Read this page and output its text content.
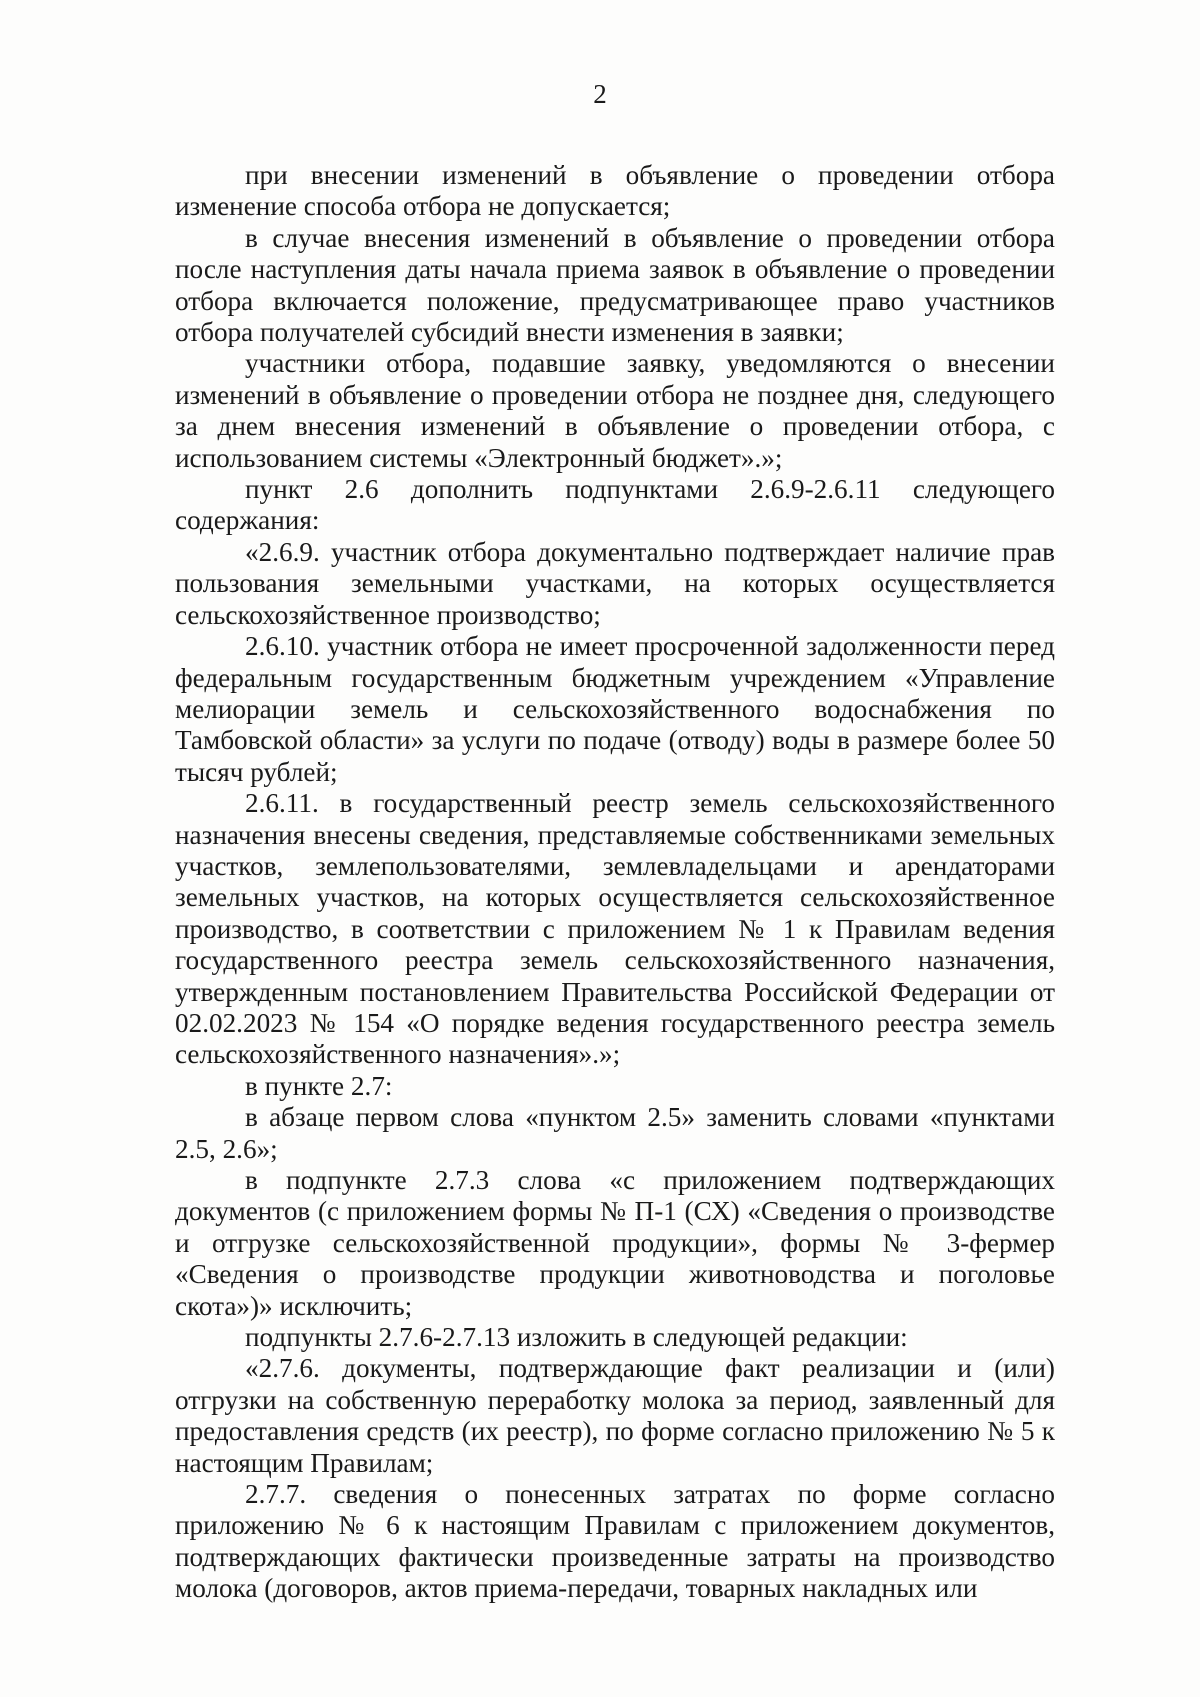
2

при внесении изменений в объявление о проведении отбора изменение способа отбора не допускается;

в случае внесения изменений в объявление о проведении отбора после наступления даты начала приема заявок в объявление о проведении отбора включается положение, предусматривающее право участников отбора получателей субсидий внести изменения в заявки;

участники отбора, подавшие заявку, уведомляются о внесении изменений в объявление о проведении отбора не позднее дня, следующего за днем внесения изменений в объявление о проведении отбора, с использованием системы «Электронный бюджет».»;

пункт 2.6 дополнить подпунктами 2.6.9-2.6.11 следующего содержания:

«2.6.9. участник отбора документально подтверждает наличие прав пользования земельными участками, на которых осуществляется сельскохозяйственное производство;

2.6.10. участник отбора не имеет просроченной задолженности перед федеральным государственным бюджетным учреждением «Управление мелиорации земель и сельскохозяйственного водоснабжения по Тамбовской области» за услуги по подаче (отводу) воды в размере более 50 тысяч рублей;

2.6.11. в государственный реестр земель сельскохозяйственного назначения внесены сведения, представляемые собственниками земельных участков, землепользователями, землевладельцами и арендаторами земельных участков, на которых осуществляется сельскохозяйственное производство, в соответствии с приложением № 1 к Правилам ведения государственного реестра земель сельскохозяйственного назначения, утвержденным постановлением Правительства Российской Федерации от 02.02.2023 № 154 «О порядке ведения государственного реестра земель сельскохозяйственного назначения».»;

в пункте 2.7:

в абзаце первом слова «пунктом 2.5» заменить словами «пунктами 2.5, 2.6»;

в подпункте 2.7.3 слова «с приложением подтверждающих документов (с приложением формы № П-1 (СХ) «Сведения о производстве и отгрузке сельскохозяйственной продукции», формы № 3-фермер «Сведения о производстве продукции животноводства и поголовье скота»)» исключить;

подпункты 2.7.6-2.7.13 изложить в следующей редакции:

«2.7.6. документы, подтверждающие факт реализации и (или) отгрузки на собственную переработку молока за период, заявленный для предоставления средств (их реестр), по форме согласно приложению № 5 к настоящим Правилам;

2.7.7. сведения о понесенных затратах по форме согласно приложению № 6 к настоящим Правилам с приложением документов, подтверждающих фактически произведенные затраты на производство молока (договоров, актов приема-передачи, товарных накладных или
